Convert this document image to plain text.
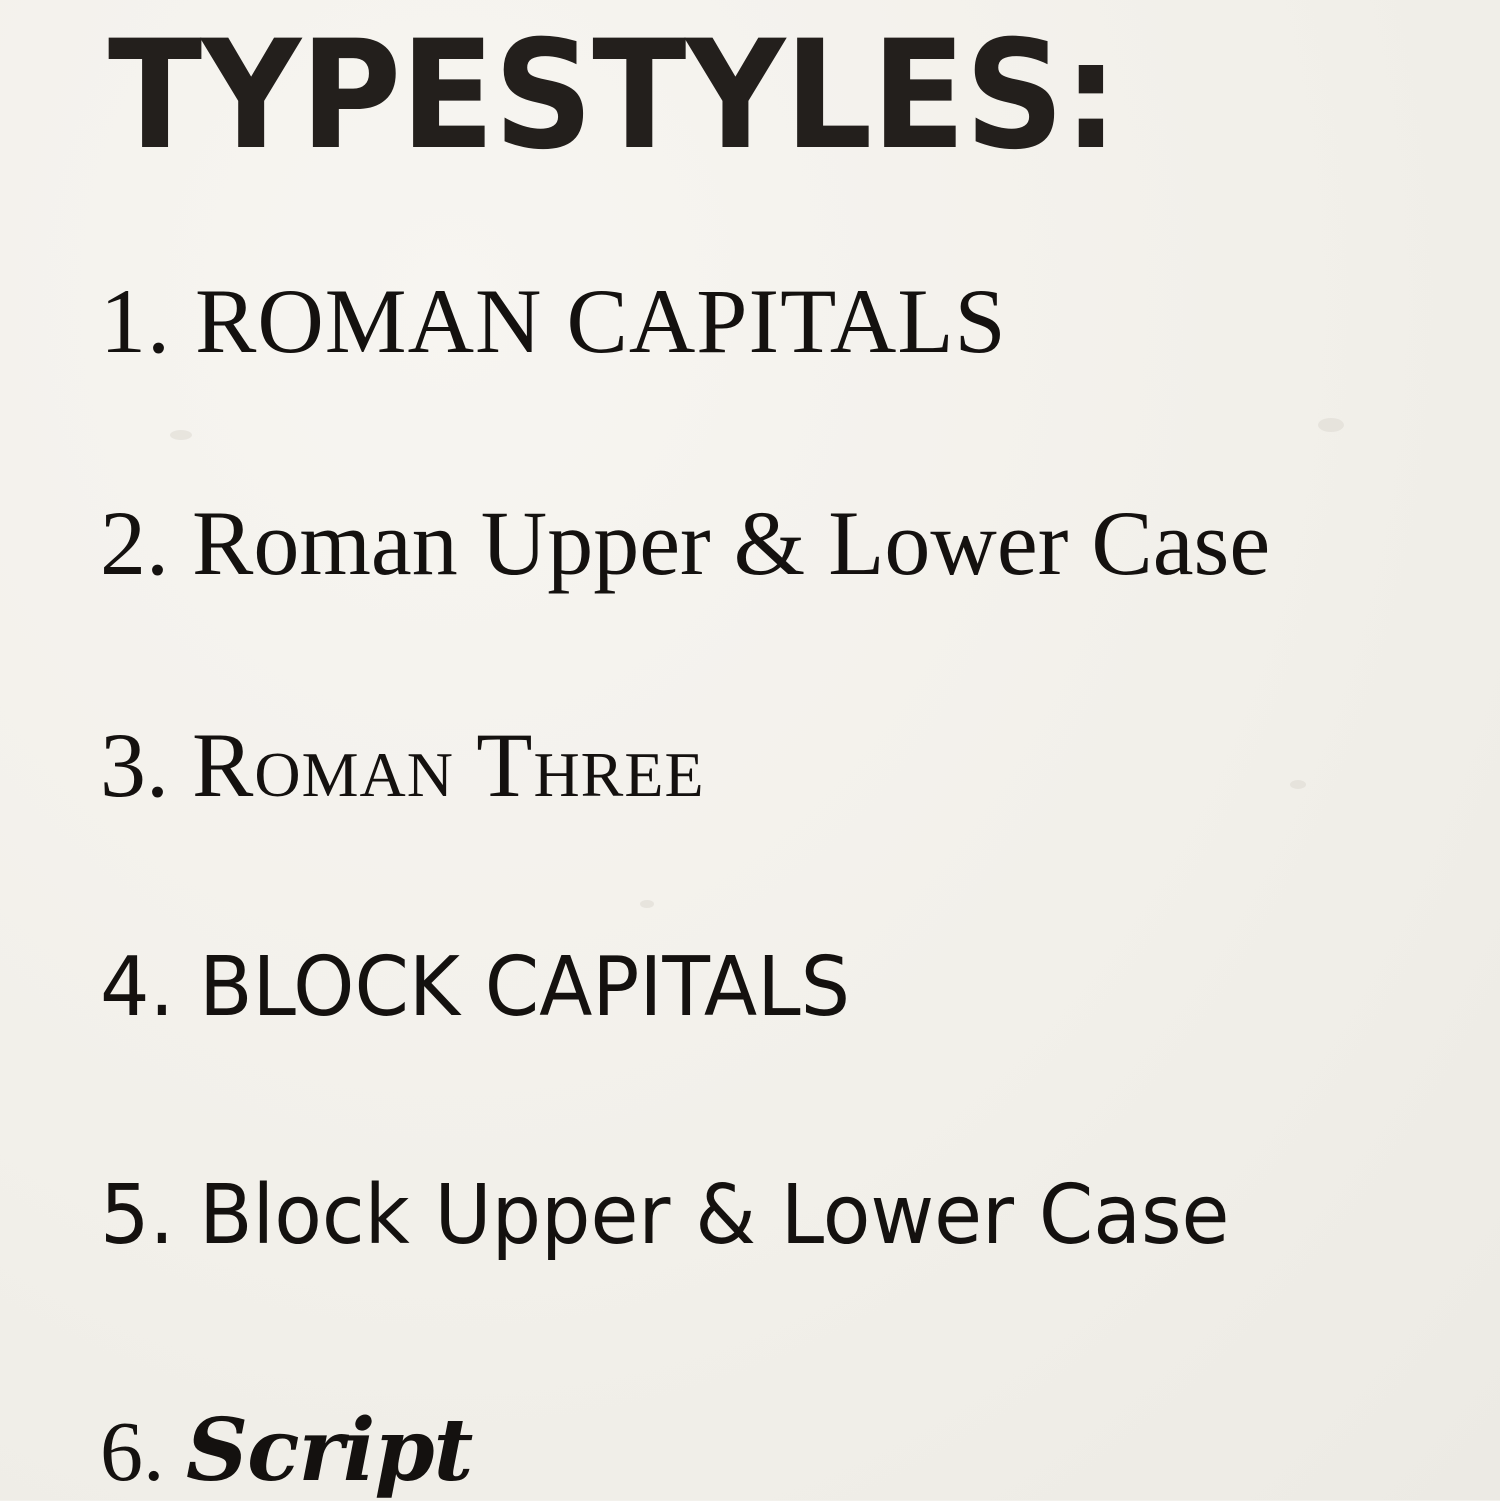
TYPESTYLES:
1. ROMAN CAPITALS
2. Roman Upper & Lower Case
3. Roman Three
4. BLOCK CAPITALS
5. Block Upper & Lower Case
6. Script
